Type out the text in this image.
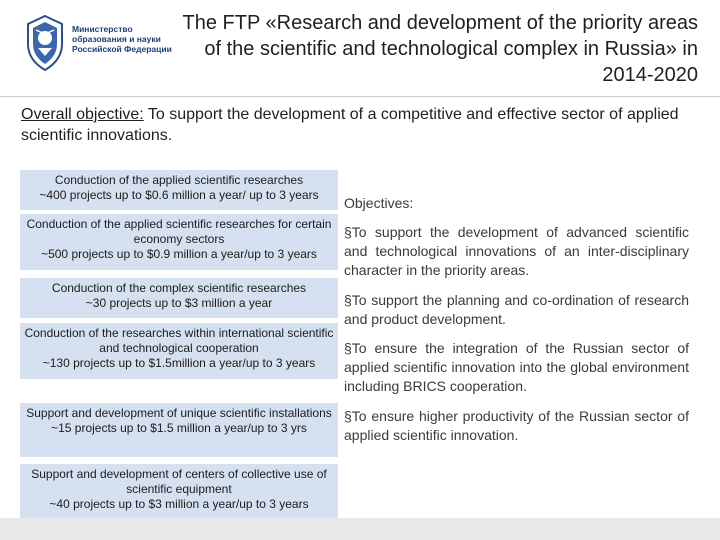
Министерство
образования и науки
Российской Федерации
The FTP «Research and development of the priority areas of the scientific and technological complex in Russia» in 2014-2020
Overall objective: To support the development of a competitive and effective sector of applied scientific innovations.
Conduction of the applied scientific researches
~400 projects up to $0.6 million a year/ up to 3 years
Conduction of the applied scientific researches for certain economy sectors
~500 projects up to $0.9 million a year/up to 3 years
Conduction of the complex scientific researches
~30 projects up to $3 million a year
Conduction of the researches within international scientific and technological cooperation
~130 projects up to $1.5million a year/up to 3 years
Support and development of unique scientific installations
~15 projects up to $1.5 million a year/up to 3 yrs
Support and development of centers of collective use of scientific equipment
~40 projects up to $3 million a year/up to 3 years
Objectives:
§To support the development of advanced scientific and technological innovations of an inter-disciplinary character in the priority areas.
§To support the planning and co-ordination of research and product development.
§To ensure the integration of the Russian sector of applied scientific innovation into the global environment including BRICS cooperation.
§To ensure higher productivity of the Russian sector of applied scientific innovation.
